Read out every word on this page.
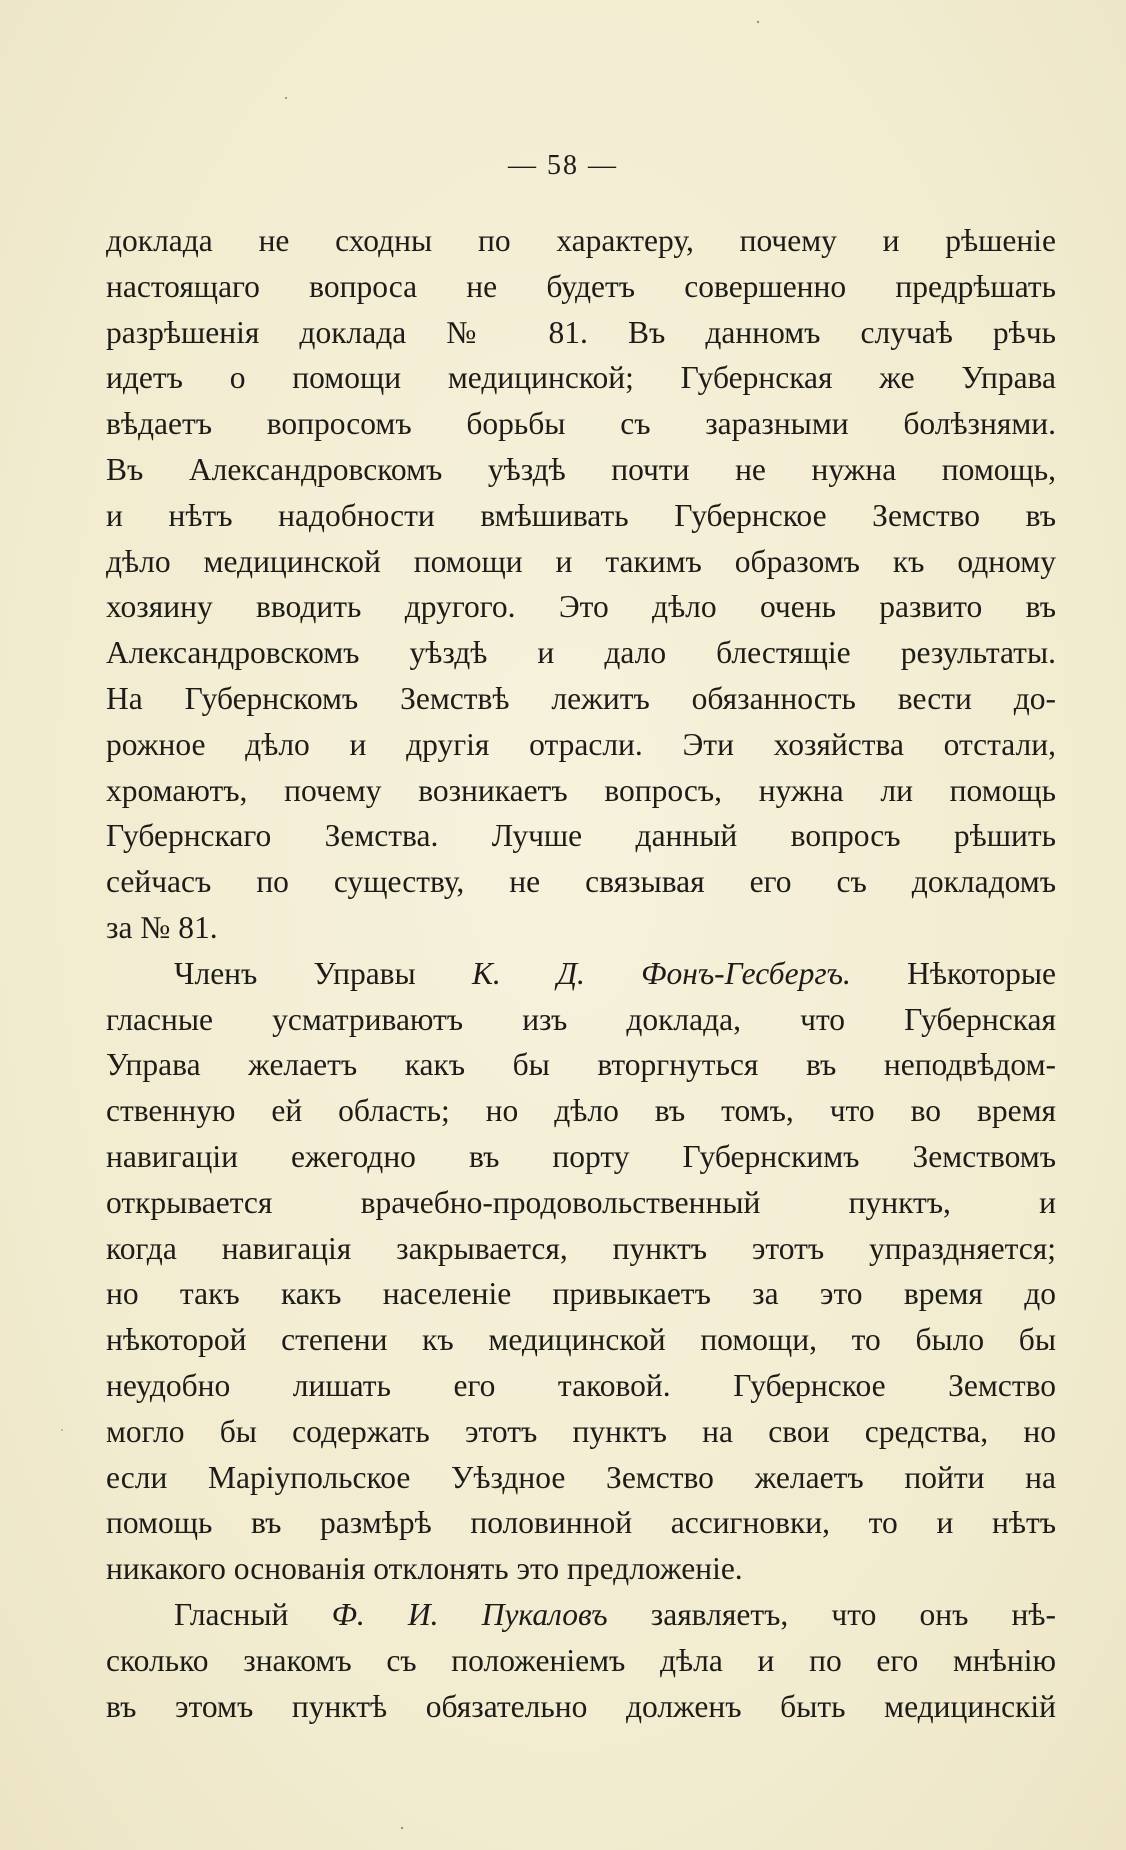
— 58 —
доклада не сходны по характеру, почему и рѣшеніе
настоящаго вопроса не будетъ совершенно предрѣшать
разрѣшенія доклада № 81. Въ данномъ случаѣ рѣчь
идетъ о помощи медицинской; Губернская же Управа
вѣдаетъ вопросомъ борьбы съ заразными болѣзнями.
Въ Александровскомъ уѣздѣ почти не нужна помощь,
и нѣтъ надобности вмѣшивать Губернское Земство въ
дѣло медицинской помощи и такимъ образомъ къ одному
хозяину вводить другого. Это дѣло очень развито въ
Александровскомъ уѣздѣ и дало блестящіе результаты.
На Губернскомъ Земствѣ лежитъ обязанность вести до-
рожное дѣло и другія отрасли. Эти хозяйства отстали,
хромаютъ, почему возникаетъ вопросъ, нужна ли помощь
Губернскаго Земства. Лучше данный вопросъ рѣшить
сейчасъ по существу, не связывая его съ докладомъ
за № 81.
Членъ Управы К. Д. Фонъ-Гесбергъ. Нѣкоторые
гласные усматриваютъ изъ доклада, что Губернская
Управа желаетъ какъ бы вторгнуться въ неподвѣдом-
ственную ей область; но дѣло въ томъ, что во время
навигаціи ежегодно въ порту Губернскимъ Земствомъ
открывается врачебно-продовольственный пунктъ, и
когда навигація закрывается, пунктъ этотъ упраздняется;
но такъ какъ населеніе привыкаетъ за это время до
нѣкоторой степени къ медицинской помощи, то было бы
неудобно лишать его таковой. Губернское Земство
могло бы содержать этотъ пунктъ на свои средства, но
если Маріупольское Уѣздное Земство желаетъ пойти на
помощь въ размѣрѣ половинной ассигновки, то и нѣтъ
никакого основанія отклонять это предложеніе.
Гласный Ф. И. Пукаловъ заявляетъ, что онъ нѣ-
сколько знакомъ съ положеніемъ дѣла и по его мнѣнію
въ этомъ пунктѣ обязательно долженъ быть медицинскій
